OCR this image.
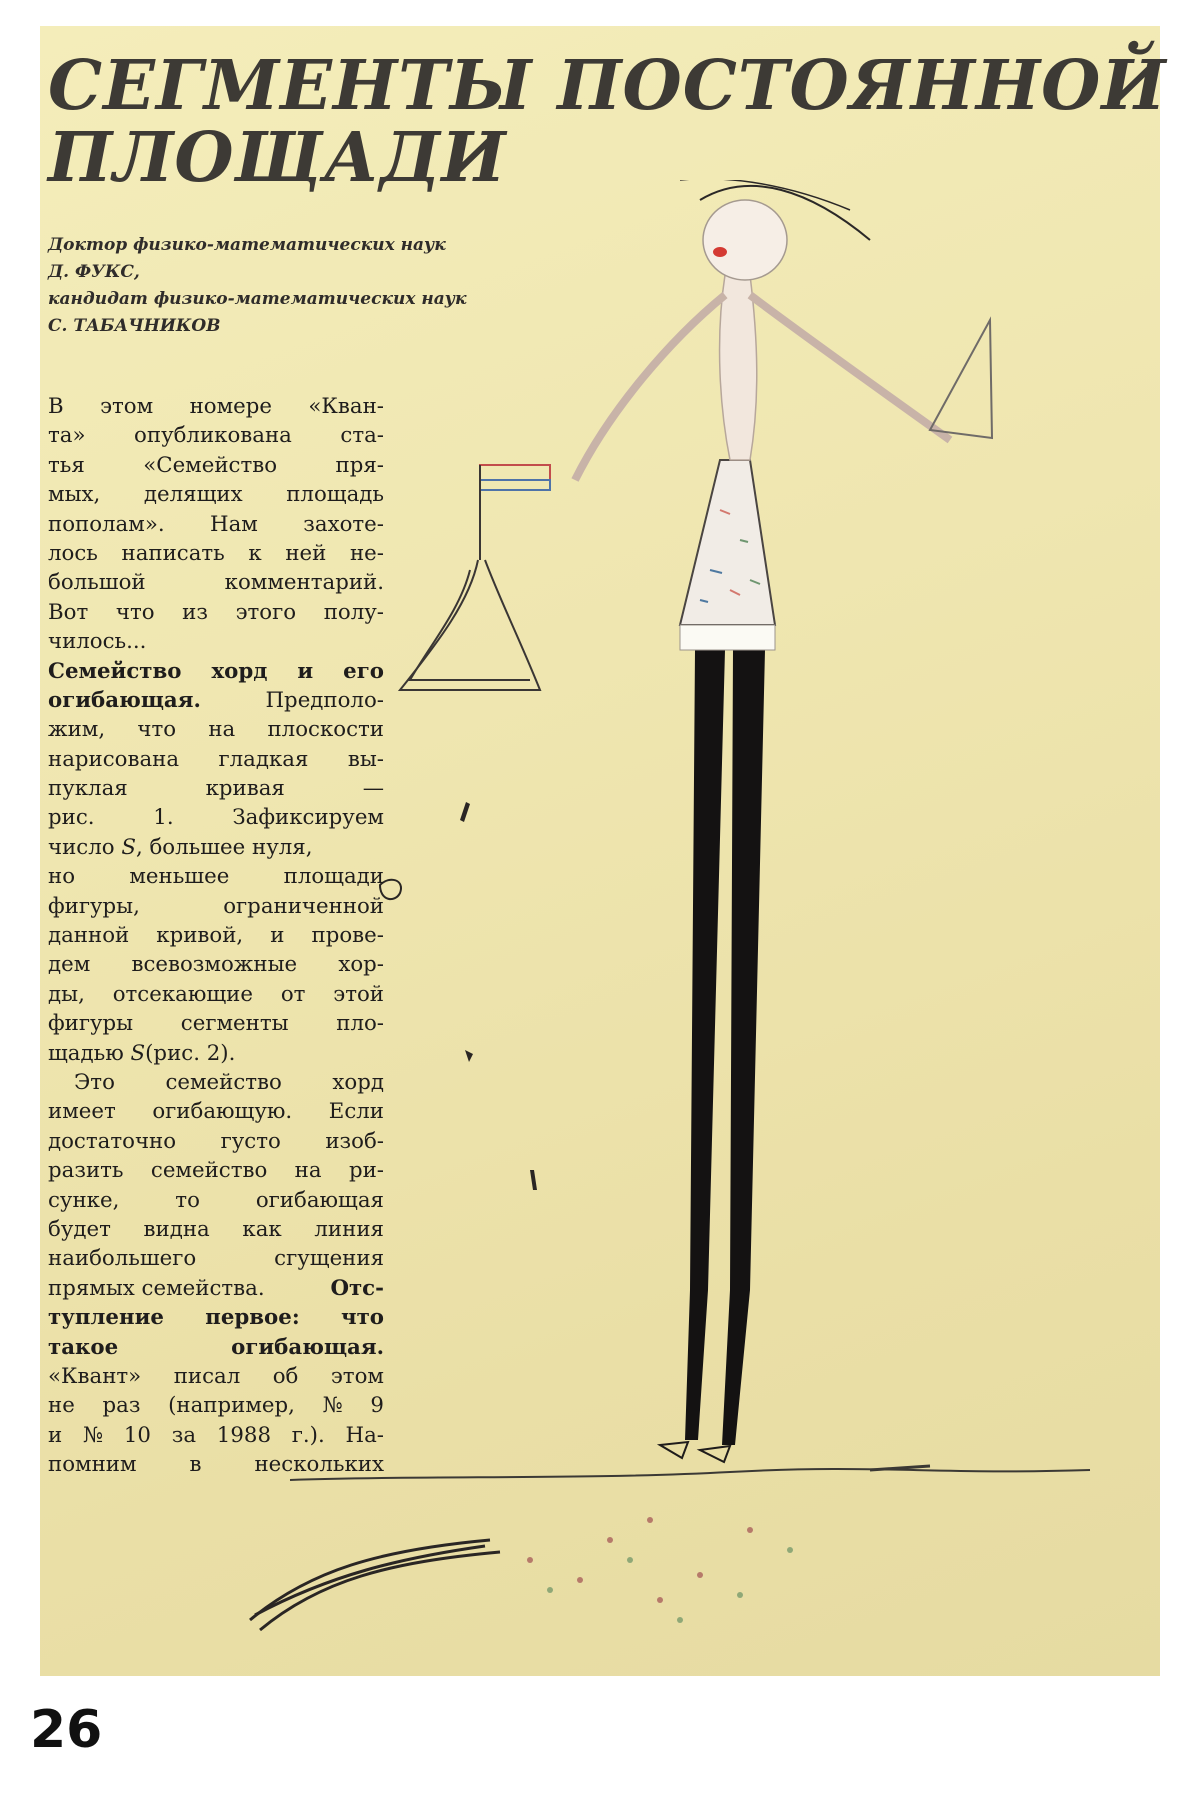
СЕГМЕНТЫ ПОСТОЯННОЙ
ПЛОЩАДИ
Доктор физико-математических наук
Д. ФУКС,
кандидат физико-математических наук
С. ТАБАЧНИКОВ
В этом номере «Кван-
та» опубликована ста-
тья	«Семейство	пря-
мых, делящих площадь
пополам». Нам захоте-
лось написать к ней не-
большой	комментарий.
Вот что из этого полу-
чилось...
Семейство хорд и его
огибающая.
	Предполо-
жим, что на плоскости
нарисована гладкая вы-
пуклая	кривая	—
рис.	1.	Зафиксируем
число
S , большее нуля,
но	меньшее	площади
фигуры,	ограниченной
данной кривой, и прове-
дем всевозможные хор-
ды, отсекающие от этой
фигуры сегменты пло-
щадью
S (рис. 2).
Это семейство хорд
имеет огибающую. Если
достаточно густо изоб-
разить семейство на ри-
сунке,	то	огибающая
будет видна как линия
наибольшего	сгущения
прямых семейства.
	Отс-
тупление первое: что
такое	огибающая.
«Квант» писал об этом
не раз (например, № 9
и № 10 за 1988 г.). На-
помним в нескольких

26
